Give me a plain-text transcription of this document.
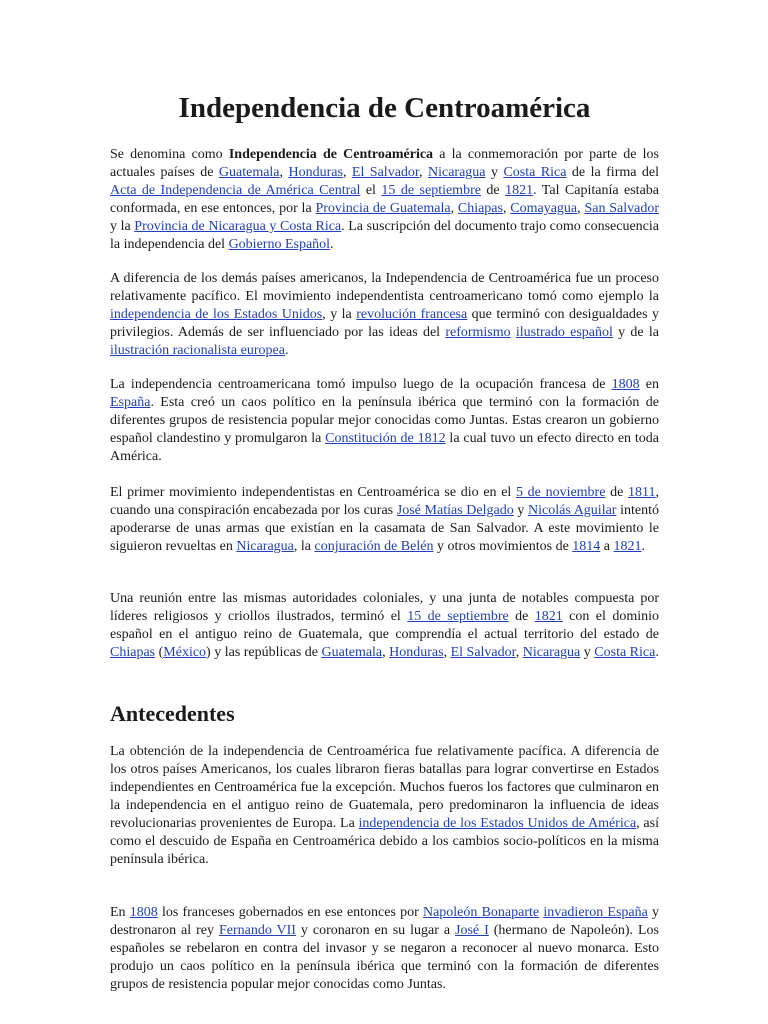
Independencia de Centroamérica

Se denomina como Independencia de Centroamérica a la conmemoración por parte de los actuales países de Guatemala, Honduras, El Salvador, Nicaragua y Costa Rica de la firma del Acta de Independencia de América Central el 15 de septiembre de 1821. Tal Capitanía estaba conformada, en ese entonces, por la Provincia de Guatemala, Chiapas, Comayagua, San Salvador y la Provincia de Nicaragua y Costa Rica. La suscripción del documento trajo como consecuencia la independencia del Gobierno Español.

A diferencia de los demás países americanos, la Independencia de Centroamérica fue un proceso relativamente pacífico. El movimiento independentista centroamericano tomó como ejemplo la independencia de los Estados Unidos, y la revolución francesa que terminó con desigualdades y privilegios. Además de ser influenciado por las ideas del reformismo ilustrado español y de la ilustración racionalista europea.

La independencia centroamericana tomó impulso luego de la ocupación francesa de 1808 en España. Esta creó un caos político en la península ibérica que terminó con la formación de diferentes grupos de resistencia popular mejor conocidas como Juntas. Estas crearon un gobierno español clandestino y promulgaron la Constitución de 1812 la cual tuvo un efecto directo en toda América.

El primer movimiento independentistas en Centroamérica se dio en el 5 de noviembre de 1811, cuando una conspiración encabezada por los curas José Matías Delgado y Nicolás Aguilar intentó apoderarse de unas armas que existían en la casamata de San Salvador. A este movimiento le siguieron revueltas en Nicaragua, la conjuración de Belén y otros movimientos de 1814 a 1821.

Una reunión entre las mismas autoridades coloniales, y una junta de notables compuesta por líderes religiosos y criollos ilustrados, terminó el 15 de septiembre de 1821 con el dominio español en el antiguo reino de Guatemala, que comprendía el actual territorio del estado de Chiapas (México) y las repúblicas de Guatemala, Honduras, El Salvador, Nicaragua y Costa Rica.

Antecedentes

La obtención de la independencia de Centroamérica fue relativamente pacífica. A diferencia de los otros países Americanos, los cuales libraron fieras batallas para lograr convertirse en Estados independientes en Centroamérica fue la excepción. Muchos fueros los factores que culminaron en la independencia en el antiguo reino de Guatemala, pero predominaron la influencia de ideas revolucionarias provenientes de Europa. La independencia de los Estados Unidos de América, así como el descuido de España en Centroamérica debido a los cambios socio-políticos en la misma península ibérica.

En 1808 los franceses gobernados en ese entonces por Napoleón Bonaparte invadieron España y destronaron al rey Fernando VII y coronaron en su lugar a José I (hermano de Napoleón). Los españoles se rebelaron en contra del invasor y se negaron a reconocer al nuevo monarca. Esto produjo un caos político en la península ibérica que terminó con la formación de diferentes grupos de resistencia popular mejor conocidas como Juntas.
